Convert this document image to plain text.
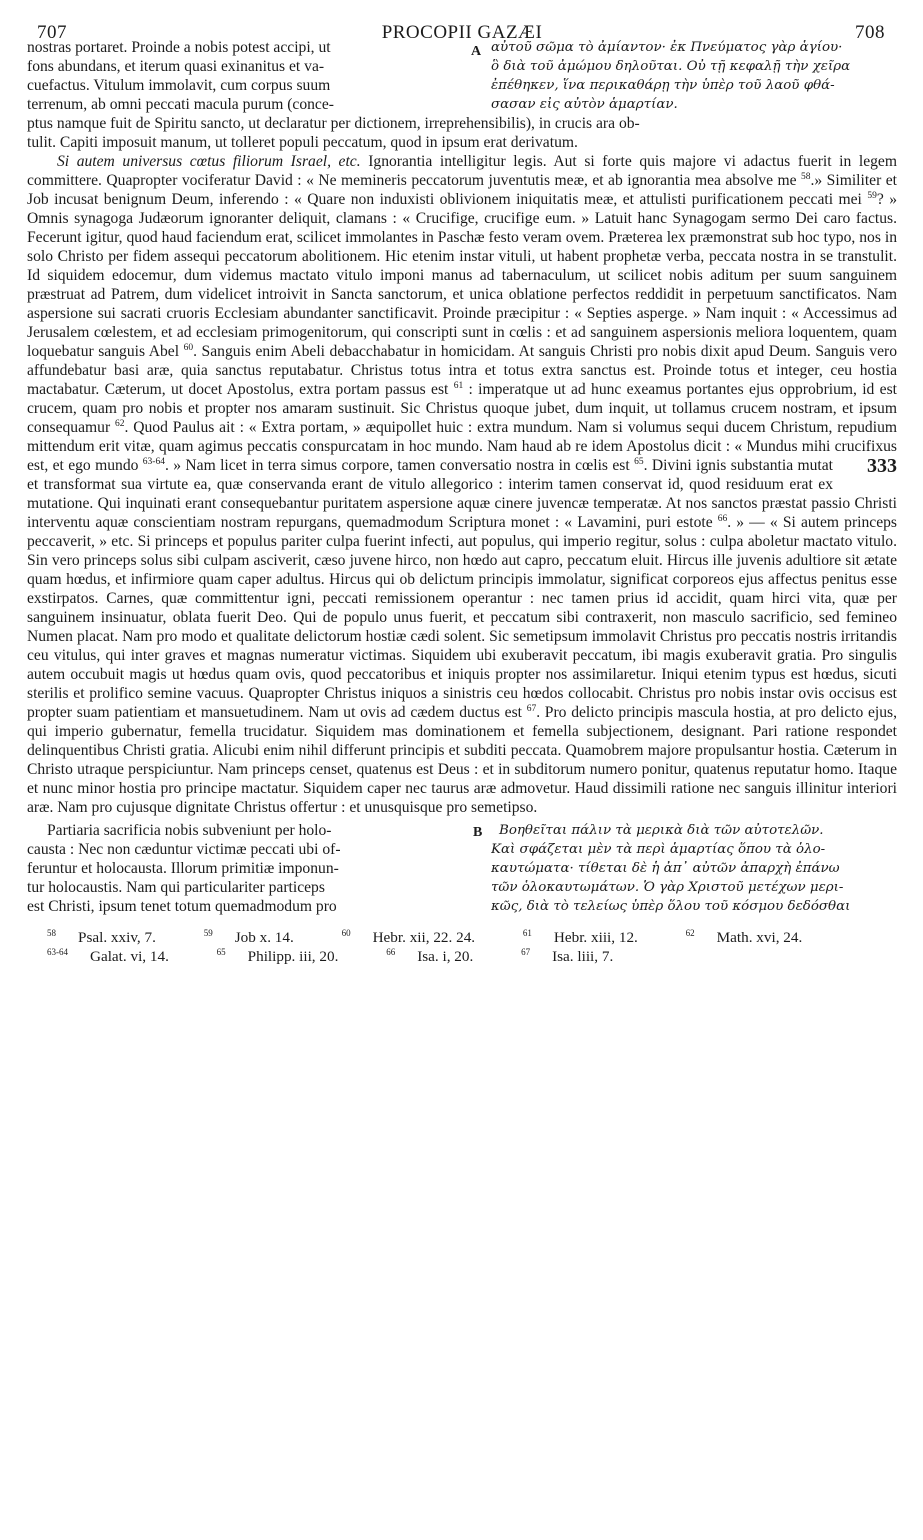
707	PROCOPII GAZÆI	708
nostras portaret. Proinde a nobis potest accipi, ut
fons abundans, et iterum quasi exinanitus et va-
cuefactus. Vitulum immolavit, cum corpus suum
terrenum, ab omni peccati macula purum (conce-
A αὐτοῦ σῶμα τὸ ἀμίαντον· ἐκ Πνεύματος γὰρ ἁγίου·
ὃ διὰ τοῦ ἀμώμου δηλοῦται. Οὐ τῇ κεφαλῇ τὴν χεῖρα
ἐπέθηκεν, ἵνα περικαθάρῃ τὴν ὑπὲρ τοῦ λαοῦ φθά-
σασαν εἰς αὐτὸν ἁμαρτίαν.
ptus namque fuit de Spiritu sancto, ut declaratur per dictionem, irreprehensibilis), in crucis ara ob-
tulit. Capiti imposuit manum, ut tolleret populi peccatum, quod in ipsum erat derivatum.

Si autem universus cœtus filiorum Israel, etc. Ignorantia intelligitur legis. Aut si forte quis majore vi adactus fuerit in legem committere. Quapropter vociferatur David : « Ne memineris peccatorum juventutis meæ, et ab ignorantia mea absolve me $^{58}$.» Similiter et Job incusat benignum Deum, inferendo : « Quare non induxisti oblivionem iniquitatis meæ, et attulisti purificationem peccati mei $^{59}$? » Omnis synagoga Judæorum ignoranter deliquit, clamans : « Crucifige, crucifige eum. » Latuit hanc Synagogam sermo Dei caro factus. Fecerunt igitur, quod haud faciendum erat, scilicet immolantes in Paschæ festo veram ovem. Præterea lex præmonstrat sub hoc typo, nos in solo Christo per fidem assequi peccatorum abolitionem. Hic etenim instar vituli, ut habent prophetæ verba, peccata nostra in se transtulit. Id siquidem edocemur, dum videmus mactato vitulo imponi manus ad tabernaculum, ut scilicet nobis aditum per suum sanguinem præstruat ad Patrem, dum videlicet introivit in Sancta sanctorum, et unica oblatione perfectos reddidit in perpetuum sanctificatos. Nam aspersione sui sacrati cruoris Ecclesiam abundanter sanctificavit. Proinde præcipitur : « Septies asperge. » Nam inquit : « Accessimus ad Jerusalem cœlestem, et ad ecclesiam primogenitorum, qui conscripti sunt in cœlis : et ad sanguinem aspersionis meliora loquentem, quam loquebatur sanguis Abel $^{60}$. Sanguis enim Abeli debacchabatur in homicidam. At sanguis Christi pro nobis dixit apud Deum. Sanguis vero affundebatur basi aræ, quia sanctus reputabatur. Christus totus intra et totus extra sanctus est. Proinde totus et integer, ceu hostia mactabatur. Cæterum, ut docet Apostolus, extra portam passus est $^{61}$ : imperatque ut ad hunc exeamus portantes ejus opprobrium, id est crucem, quam pro nobis et propter nos amaram sustinuit. Sic Christus quoque jubet, dum inquit, ut tollamus crucem nostram, et ipsum consequamur $^{62}$. Quod Paulus ait : « Extra portam, » æquipollet huic : extra mundum. Nam si volumus sequi ducem Christum, repudium mittendum erit vitæ, quam agimus peccatis conspurcatam in hoc mundo. Nam haud ab re idem Apostolus dicit : « Mundus mihi crucifixus est, et ego mundo $^{63-64}$	333
. » Nam licet in terra simus corpore, tamen conversatio nostra in cœlis est $^{65}$. Divini ignis substantia mutat et transformat sua virtute ea, quæ conservanda erant de vitulo allegorico : interim tamen conservat id, quod residuum erat ex mutatione. Qui inquinati erant consequebantur puritatem aspersione aquæ cinere juvencæ temperatæ. At nos sanctos præstat passio Christi interventu aquæ conscientiam nostram repurgans, quemadmodum Scriptura monet : « Lavamini, puri estote $^{66}$. » — « Si autem princeps peccaverit, » etc. Si princeps et populus pariter culpa fuerint infecti, aut populus, qui imperio regitur, solus : culpa aboletur mactato vitulo. Sin vero princeps solus sibi culpam asciverit, cæso juvene hirco, non hœdo aut capro, peccatum eluit. Hircus ille juvenis adultiore sit ætate quam hœdus, et infirmiore quam caper adultus. Hircus qui ob delictum principis immolatur, significat corporeos ejus affectus penitus esse exstirpatos. Carnes, quæ committentur igni, peccati remissionem operantur : nec tamen prius id accidit, quam hirci vita, quæ per sanguinem insinuatur, oblata fuerit Deo. Qui de populo unus fuerit, et peccatum sibi contraxerit, non masculo sacrificio, sed femineo Numen placat. Nam pro modo et qualitate delictorum hostiæ cædi solent. Sic semetipsum immolavit Christus pro peccatis nostris irritandis ceu vitulus, qui inter graves et magnas numeratur victimas. Siquidem ubi exuberavit peccatum, ibi magis exuberavit gratia. Pro singulis autem occubuit magis ut hœdus quam ovis, quod peccatoribus et iniquis propter nos assimilaretur. Iniqui etenim typus est hœdus, sicuti sterilis et prolifico semine vacuus. Quapropter Christus iniquos a sinistris ceu hœdos collocabit. Christus pro nobis instar ovis occisus est propter suam patientiam et mansuetudinem. Nam ut ovis ad cædem ductus est $^{67}$. Pro delicto principis mascula hostia, at pro delicto ejus, qui imperio gubernatur, femella trucidatur. Siquidem mas dominationem et femella subjectionem, designant. Pari ratione respondet delinquentibus Christi gratia. Alicubi enim nihil differunt principis et subditi peccata. Quamobrem majore propulsantur hostia. Cæterum in Christo utraque perspiciuntur. Nam princeps censet, quatenus est Deus : et in subditorum numero ponitur, quatenus reputatur homo. Itaque et nunc minor hostia pro principe mactatur. Siquidem caper nec taurus aræ admovetur. Haud dissimili ratione nec sanguis illinitur interiori aræ. Nam pro cujusque dignitate Christus offertur : et unusquisque pro semetipso.

Partiaria sacrificia nobis subveniunt per holo-
causta : Nec non cæduntur victimæ peccati ubi of-
feruntur et holocausta. Illorum primitiæ imponun-
tur holocaustis. Nam qui particulariter particeps
est Christi, ipsum tenet totum quemadmodum pro
B	Βοηθεῖται πάλιν τὰ μερικὰ διὰ τῶν αὐτοτελῶν.
Καὶ σφάζεται μὲν τὰ περὶ ἁμαρτίας ὅπου τὰ ὁλο-
καυτώματα· τίθεται δὲ ἡ ἀπ᾽ αὐτῶν ἀπαρχὴ ἐπάνω
τῶν ὁλοκαυτωμάτων. Ὁ γὰρ Χριστοῦ μετέχων μερι-
κῶς, διὰ τὸ τελείως ὑπὲρ ὅλου τοῦ κόσμου δεδόσθαι
$^{58}$ Psal. xxiv, 7.	$^{59}$ Job x. 14.	$^{60}$ Hebr. xii, 22. 24.	$^{61}$ Hebr. xiii, 12.	$^{62}$ Math. xvi, 24.
$^{63-64}$ Galat. vi, 14.	$^{65}$ Philipp. iii, 20.	$^{66}$ Isa. i, 20.	$^{67}$ Isa. liii, 7.
